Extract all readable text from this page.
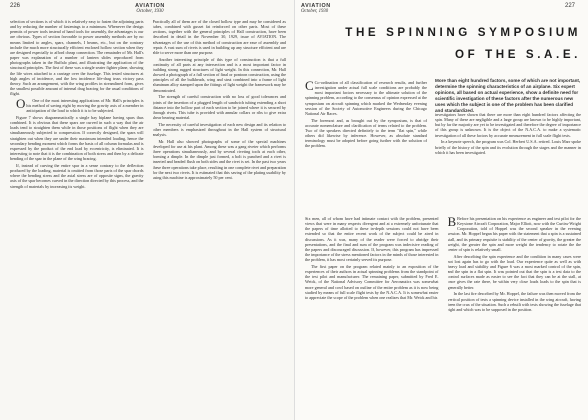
226	AVIATION
October, 1930

selection of sections is of which it is relatively easy to fasten the adjoining parts and by reducing the number of fastenings to a minimum. Whenever the design permits of power tools instead of hand tools for assembly, the advantages is our are obvious. Types of section favorable to power assembly methods are by no means limited to angles, spars, channels, I beams, etc., but on the contrary include the much more structurally efficient enclosed hollow section when they are designed especially to afford cheap connection. The remainder of Mr. Hall's paper was explanation of a number of lantern slides reproduced from photographs taken in the Buffalo plant, and illustrating the application of the structural principles. The first of these was a single seater fighter plane, showing the life wires attached to a carriage over the fuselage. This tested structures at high angles of incidence, and the low incidence life-drag truss victory pass theory. Such an arrangement, with the wing profiles in streamlined form, gives the smallest possible amount of internal drag bracing for the usual conditions of flight.

O One of the most interesting applications of Mr. Hall's principles is his method of saving eight by moving the gravity axis of a member in anticipation of the load to which it is to be subjected.

Figure 7 shows diagrammatically a single bay biplane having spars thus combined. It is obvious that these spars are curved in such a way that the air loads tend to straighten them while in those positions of flight when they are simultaneously subjected to compression. If correctly designed, the spars will straighten out when they are under their maximum intended loading, hence the secondary bending moment which forms the basis of all column formulas and is expressed by the product of the end load by eccentricity, is eliminated. It is interesting to note that it is the combination of both stress and then by a delicate bending of the spar in the plane of the wing bracing.

If, instead of curving the entire spar in a sense contrary to the deflection produced by the loading, material is omitted from those parts of the spar chords where the bending stress and the axial stress are of opposite signs, the gravity axis of the spar becomes curved in the direction directed by this process, and the strength of materials by increasing its weight.

Practically all of them are of the closed hollow type and may be considered as tubes, combined with gusset fat reinforced on other parts. Most of these sections, together with the general principles of Hall construction, have been described in detail in the November 30, 1929, issue of AVIATION. The advantages of the use of this method of construction are ease of assembly and repair. A vast sum of rivets is used in building up any structure efficient and are able to serve more than one purpose.

Another interesting principle of this type of construction is that a full continuity of all parts at any intersection and is a most important factor in building strong rugged structures of light weight. In this connection, Mr. Hall showed a photograph of a full section of final or pontoon construction, using the principles of all the bulkheads, wing and strut combined into a frame of light aluminum alloy stamped upon the fittings of light weight the framework may be demonstrated.

The strength of careful construction with no loss of good tolerances and joints of the insertion of a plugged length of sandwich tubing extending a short distance into the hollow part of each section to be joined where it is secured by through rivets. This tube is provided with annular collars or ribs to give extra shear bearing material.

The necessity of careful investigation of each new design and its relation to other members is emphasized throughout in the Hall system of structural analysis.

Mr. Hall also showed photographs of some of the special machines developed for use at his plant. Among these was a gang riveter which performs three operations simultaneously, and by several riveting tools at each other, forming a dimple. In the dimple just formed, a bolt is punched and a rivet is inserted and headed flush on both sides and the rivet is set. In the past two years these three operations take place, resulting in one complete rivet and preparation for the next two rivets. It is estimated that this saving of the plating usability by using this machine is approximately 50 per cent.

AVIATION
October, 1930
227
THE SPINNING SYMPOSIUM
OF THE S.A.E.
More than eight hundred factors, some of which are not important, determine the spinning characteristics of an airplane. Six expert opinions, all based on actual experience, show a definite need for scientific investigation of these factors after the numerous new uses which the subject is one of the problem has been clarified and standardized.

C Co-ordination of all classification of research results, and further investigation under actual full scale conditions are probably the most important factors necessary to the ultimate solution of the spinning problem, according to the consensus of opinion expressed at the symposium on aircraft spinning which marked the Wednesday evening session of the Society of Automotive Engineers during the Chicago National Air Races.

The foremost and, as brought out by the symposium, is that of accurate nomenclature and clarification of terms related to the problem. Two of the speakers directed definitely to the term "flat spin," while others did likewise by inference. However, as absolute standard terminology must be adopted before going further with the solution of the problem.

investigators have shown that there are more than eight hundred factors affecting the spin. Many of these are negligible and a large group are known to be highly important, but by far the majority are yet to be investigated and therefore the degree of importance of this group is unknown. It is the object of the N.A.C.A. to make a systematic investigation of all these factors by accurate measurement in full scale flight tests.

In a keynote speech, the program was Col. Herbert U.S.A. retired. Louis Marr spoke briefly of the history of the spin and its evolution through the stages and the manner in which it has been investigated.

Six men, all of whom have had intimate contact with the problem, presented views that were in many respects divergent and at a extremely unfortunate that the papers of time allotted to these in-depth sessions could not have been extended so that the entire recent work of the subject could be aired in discussions. As it was, many of the reader were forced to abridge their presentations, and the final and sum of the program was indecisive reading of the papers and discouraged discussion. If, however, this program has impressed the importance of the stress mentioned factors in the minds of those interested in the problem, it has most certainly served its purpose.

The first paper on the program related mainly to an exposition of the experiences of their authors in actual spinning problems from the standpoint of the test pilot and manufacturer. The remaining paper, submitted by Fred E. Weick, of the National Advisory Committee for Aeronautics was somewhat more general and cowl based on outline of the entire problem as it is now being studied by means of full scale flight tests by the N.A.C.A. It is somewhat easier to appreciate the scope of the problem when one realizes that Mr. Weick and his

B Before his presentation on his experience as engineer and test pilot for the Keystone Aircraft Corporation, Major Elliott, now with the Curtiss-Wright Corporation, told of Hoppel was the second speaker in the evening session. Mr. Hoppel began his paper with the statement that a spin is a sustained stall, and its primary requisite is stability of the center of gravity, the greater the weight, the greater the spin and more weight the tendency to rotate the the center of spin is relatively small.

After describing the spin experience and the condition in many cases were not lost again has to go with the load. Our experience quite as well as with heavy load and stability and Figure 6 was a most marked control of the spin, and the spin in a flat spin. It was pointed out that the spin is a test data to the control surfaces made as easier to see the fact that they can be at the stall, at once gives the rate there, be within very close loads loads to the spin that is generally better.

In the last fire described by Mr. Hoppel, the failure was then moved from the vertical position of tests a spinning device installed in the wing aircraft, having been the crux of the situation. Such a rebuilt with tests showing the fuselage that right and which was to be supposed in the position.
